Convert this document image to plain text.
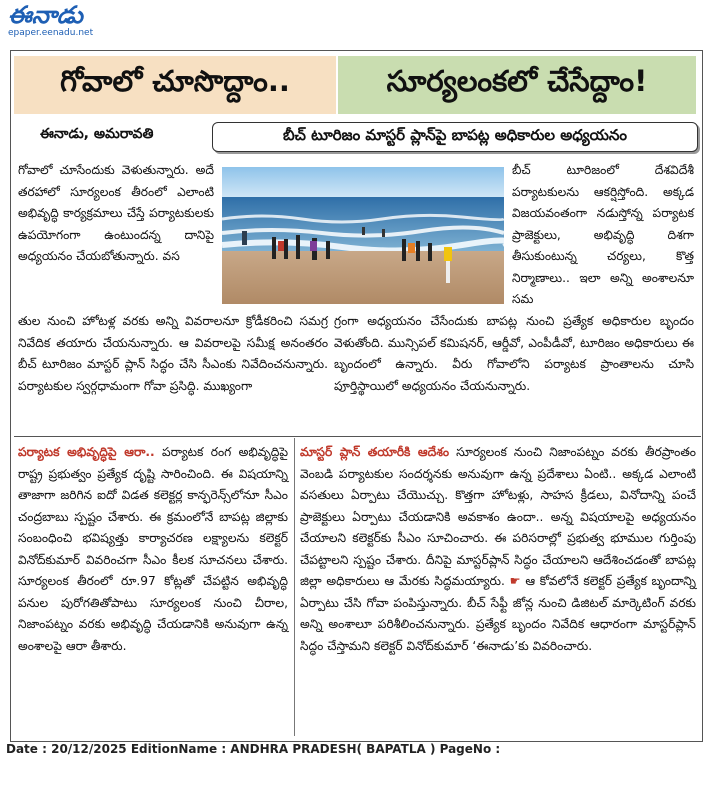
ఈనాడు
epaper.eenadu.net
గోవాలో చూసొద్దాం..	సూర్యలంకలో చేసేద్దాం!
ఈనాడు, అమరావతి	బీచ్ టూరిజం మాస్టర్ ప్లాన్‌పై బాపట్ల అధికారుల అధ్యయనం
గోవాలో చూసేందుకు వెళుతున్నారు. అదే తరహాలో సూర్యలంక తీరంలో ఎలాంటి అభివృద్ధి కార్యక్రమాలు చేస్తే పర్యాటకులకు ఉపయోగంగా ఉంటుందన్న దానిపై అధ్యయనం చేయబోతున్నారు. వస
బీచ్ టూరిజంలో దేశవిదేశీ పర్యాటకులను ఆకర్షిస్తోంది. అక్కడ విజయవంతంగా నడుస్తోన్న పర్యాటక ప్రాజెక్టులు, అభివృద్ధి దిశగా తీసుకుంటున్న చర్యలు, కొత్త నిర్మాణాలు.. ఇలా అన్ని అంశాలనూ సమ
తుల నుంచి హోటళ్ల వరకు అన్ని వివరాలనూ క్రోడీకరించి సమగ్ర నివేదిక తయారు చేయనున్నారు. ఆ వివరాలపై సమీక్ష అనంతరం బీచ్ టూరిజం మాస్టర్ ప్లాన్ సిద్ధం చేసి సీఎంకు నివేదించనున్నారు. పర్యాటకుల స్వర్గధామంగా గోవా ప్రసిద్ధి. ముఖ్యంగా
గ్రంగా అధ్యయనం చేసేందుకు బాపట్ల నుంచి ప్రత్యేక అధికారుల బృందం వెళుతోంది. మున్సిపల్ కమిషనర్, ఆర్డీవో, ఎంపీడీవో, టూరిజం అధికారులు ఈ బృందంలో ఉన్నారు. వీరు గోవాలోని పర్యాటక ప్రాంతాలను చూసి పూర్తిస్థాయిలో అధ్యయనం చేయనున్నారు.
పర్యాటక అభివృద్ధిపై ఆరా.. పర్యాటక రంగ అభివృద్ధిపై రాష్ట్ర ప్రభుత్వం ప్రత్యేక దృష్టి సారించింది. ఈ విషయాన్ని తాజాగా జరిగిన ఐదో విడత కలెక్టర్ల కాన్ఫరెన్స్‌లోనూ సీఎం చంద్రబాబు స్పష్టం చేశారు. ఈ క్రమంలోనే బాపట్ల జిల్లాకు సంబంధించి భవిష్యత్తు కార్యాచరణ లక్ష్యాలను కలెక్టర్ వినోద్‌కుమార్ వివరించగా సీఎం కీలక సూచనలు చేశారు. సూర్యలంక తీరంలో రూ.97 కోట్లతో చేపట్టిన అభివృద్ధి పనుల పురోగతితోపాటు సూర్యలంక నుంచి చీరాల, నిజాంపట్నం వరకు అభివృద్ధి చేయడానికి అనువుగా ఉన్న అంశాలపై ఆరా తీశారు.
మాస్టర్ ప్లాన్ తయారీకి ఆదేశం సూర్యలంక నుంచి నిజాంపట్నం వరకు తీరప్రాంతం వెంబడి పర్యాటకుల సందర్శనకు అనువుగా ఉన్న ప్రదేశాలు ఏంటి.. అక్కడ ఎలాంటి వసతులు ఏర్పాటు చేయొచ్చు. కొత్తగా హోటళ్లు, సాహస క్రీడలు, వినోదాన్ని పంచే ప్రాజెక్టులు ఏర్పాటు చేయడానికి అవకాశం ఉందా.. అన్న విషయాలపై అధ్యయనం చేయాలని కలెక్టర్‌కు సీఎం సూచించారు. ఈ పరిసరాల్లో ప్రభుత్వ భూముల గుర్తింపు చేపట్టాలని స్పష్టం చేశారు. దీనిపై మాస్టర్‌ప్లాన్ సిద్ధం చేయాలని ఆదేశించడంతో బాపట్ల జిల్లా అధికారులు ఆ మేరకు సిద్ధమయ్యారు. ☛ ఆ కోవలోనే కలెక్టర్ ప్రత్యేక బృందాన్ని ఏర్పాటు చేసి గోవా పంపిస్తున్నారు. బీచ్ సేఫ్టీ జోన్ల నుంచి డిజిటల్ మార్కెటింగ్ వరకు అన్ని అంశాలూ పరిశీలించనున్నారు. ప్రత్యేక బృందం నివేదిక ఆధారంగా మాస్టర్‌ప్లాన్ సిద్ధం చేస్తామని కలెక్టర్ వినోద్‌కుమార్ ‘ఈనాడు’కు వివరించారు.
Date : 20/12/2025 EditionName : ANDHRA PRADESH( BAPATLA ) PageNo :
